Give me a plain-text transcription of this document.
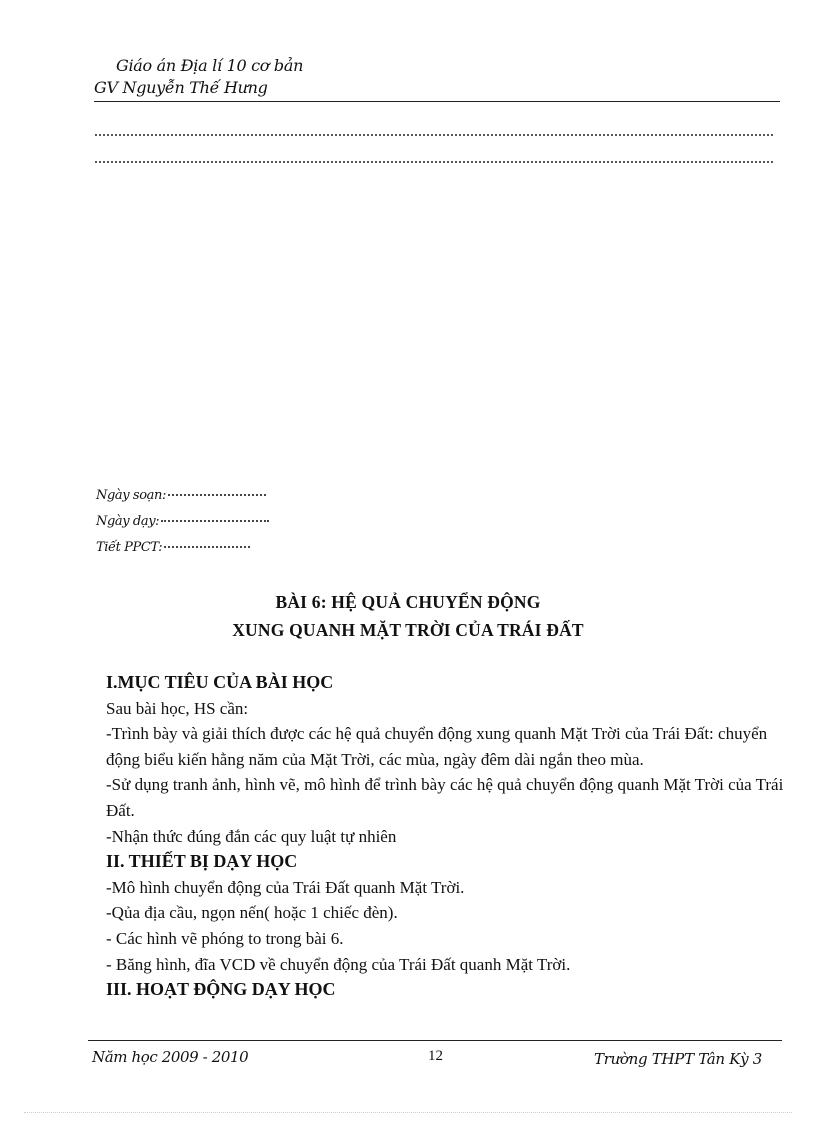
Giáo án Địa lí 10 cơ bản
GV Nguyễn Thế Hưng
Ngày soạn:
Ngày dạy:
Tiết PPCT:
BÀI 6: HỆ QUẢ CHUYỂN ĐỘNG
XUNG QUANH MẶT TRỜI CỦA TRÁI ĐẤT

I.MỤC TIÊU CỦA BÀI HỌC

Sau bài học, HS cần:

-Trình bày và giải thích được các hệ quả chuyển động xung quanh Mặt Trời của Trái Đất: chuyển động biểu kiến hằng năm của Mặt Trời, các mùa, ngày đêm dài ngắn theo mùa.

-Sử dụng tranh ảnh, hình vẽ, mô hình để trình bày các hệ quả chuyển động quanh Mặt Trời của Trái Đất.

-Nhận thức đúng đắn các quy luật tự nhiên

II. THIẾT BỊ DẠY HỌC

-Mô hình chuyển động của Trái Đất quanh Mặt Trời.

-Qủa địa cầu, ngọn nến( hoặc 1 chiếc đèn).

- Các hình vẽ phóng to trong bài 6.

- Băng hình, đĩa VCD về chuyển động của Trái Đất quanh Mặt Trời.

III. HOẠT ĐỘNG DẠY HỌC

Năm học 2009 - 2010	12	Trường THPT Tân Kỳ 3
